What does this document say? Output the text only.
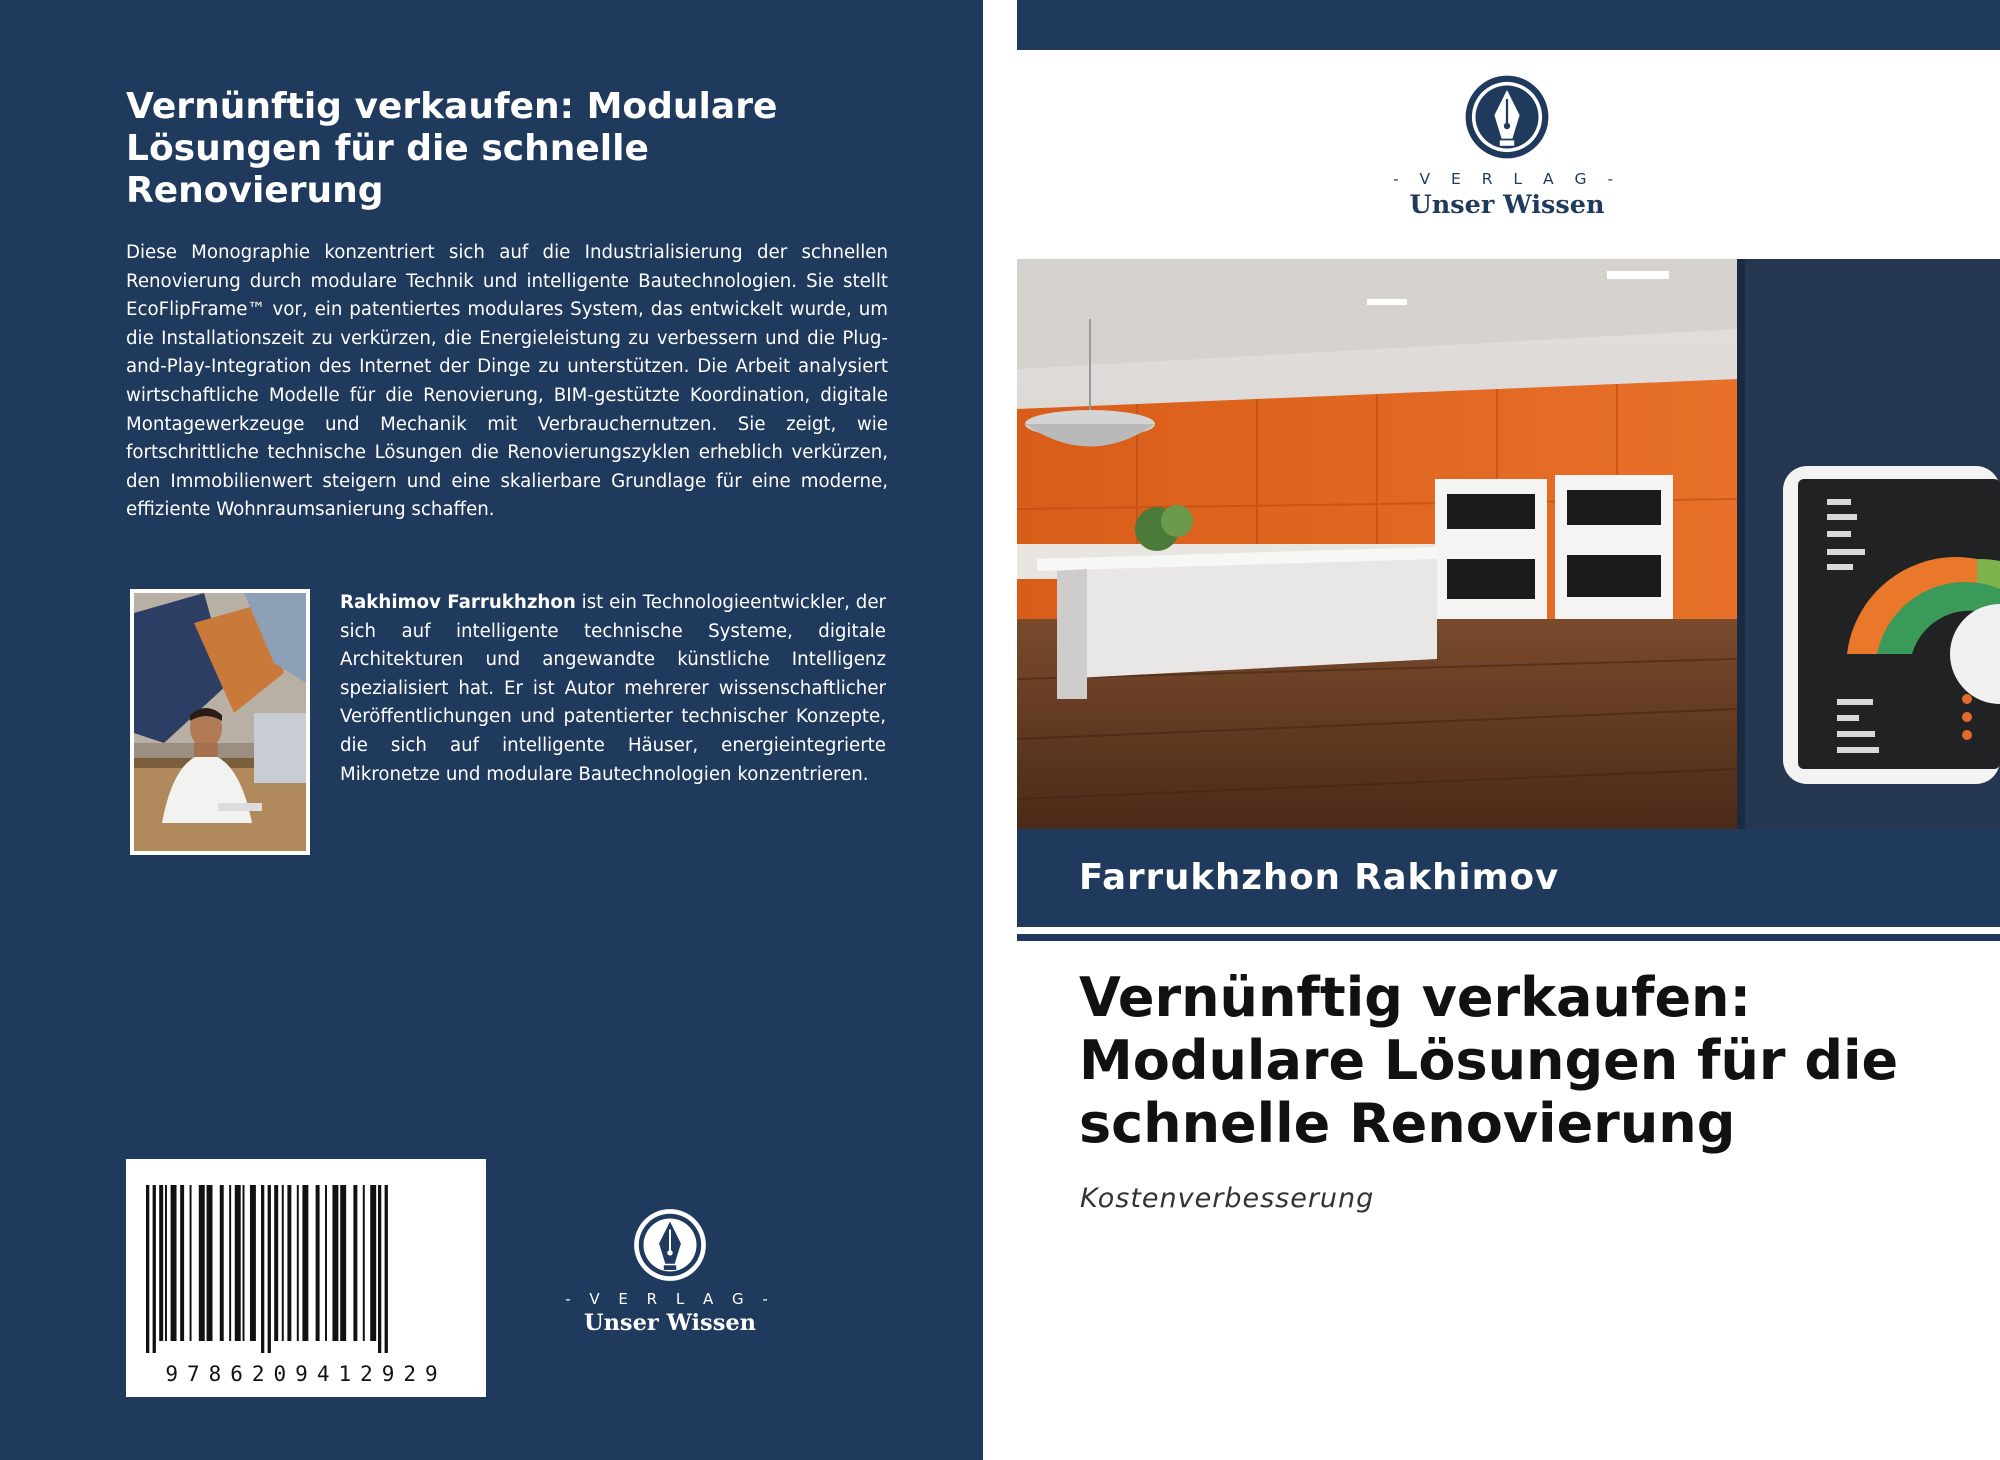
Vernünftig verkaufen: Modulare Lösungen für die schnelle Renovierung

Diese Monographie konzentriert sich auf die Industrialisierung der schnellen Renovierung durch modulare Technik und intelligente Bautechnologien. Sie stellt EcoFlipFrame™ vor, ein patentiertes modulares System, das entwickelt wurde, um die Installationszeit zu verkürzen, die Energieleistung zu verbessern und die Plug-and-Play-Integration des Internet der Dinge zu unterstützen. Die Arbeit analysiert wirtschaftliche Modelle für die Renovierung, BIM-gestützte Koordination, digitale Montagewerkzeuge und Mechanik mit Verbrauchernutzen. Sie zeigt, wie fortschrittliche technische Lösungen die Renovierungszyklen erheblich verkürzen, den Immobilienwert steigern und eine skalierbare Grundlage für eine moderne, effiziente Wohnraumsanierung schaffen.

Rakhimov Farrukhzhon ist ein Technologieentwickler, der sich auf intelligente technische Systeme, digitale Architekturen und angewandte künstliche Intelligenz spezialisiert hat. Er ist Autor mehrerer wissenschaftlicher Veröffentlichungen und patentierter technischer Konzepte, die sich auf intelligente Häuser, energieintegrierte Mikronetze und modulare Bautechnologien konzentrieren.

9786209412929
- V E R L A G -
Unser Wissen
- V E R L A G -
Unser Wissen
Farrukhzhon Rakhimov
Vernünftig verkaufen: Modulare Lösungen für die schnelle Renovierung
Kostenverbesserung
